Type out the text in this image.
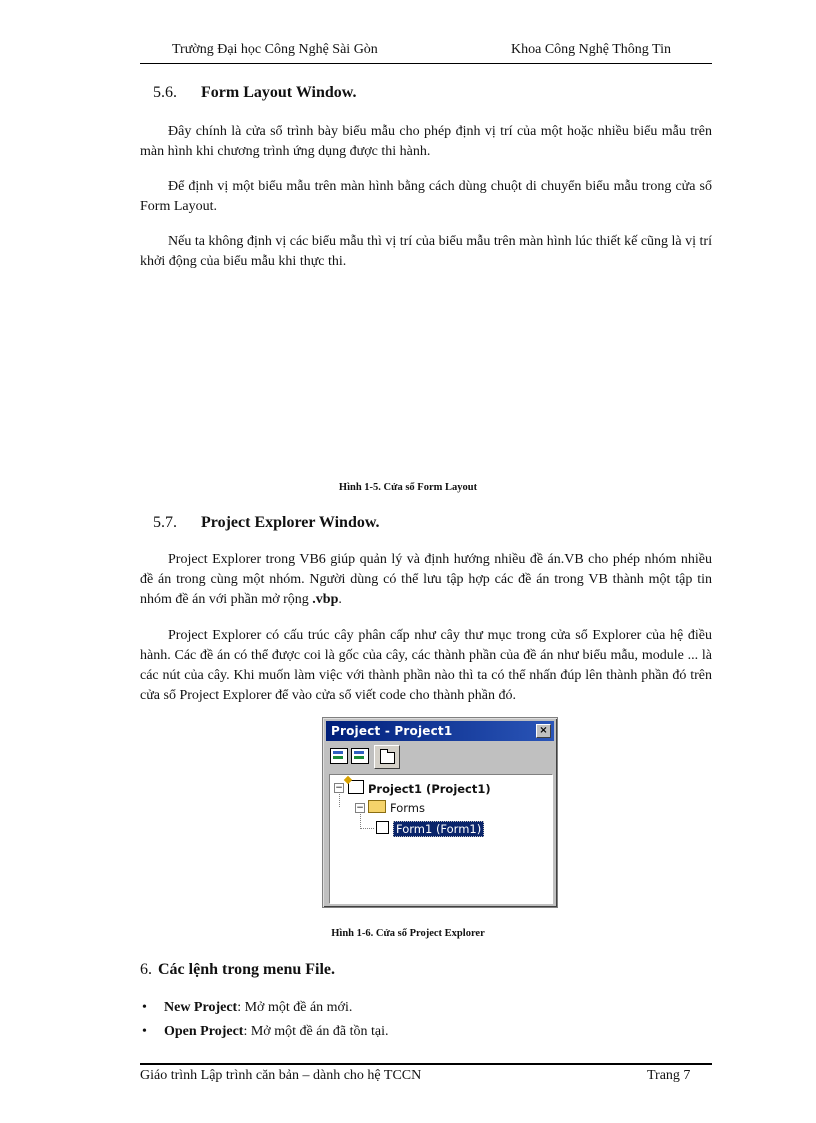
Trường Đại học Công Nghệ Sài Gòn	Khoa Công Nghệ Thông Tin
5.6. Form Layout Window.

Đây chính là cửa sổ trình bày biểu mẫu cho phép định vị trí của một hoặc nhiều biểu mẫu trên màn hình khi chương trình ứng dụng được thi hành.

Để định vị một biểu mẫu trên màn hình bằng cách dùng chuột di chuyển biểu mẫu trong cửa sổ Form Layout.

Nếu ta không định vị các biểu mẫu thì vị trí của biểu mẫu trên màn hình lúc thiết kế cũng là vị trí khởi động của biểu mẫu khi thực thi.

Hình 1-5. Cửa sổ Form Layout
5.7. Project Explorer Window.

Project Explorer trong VB6 giúp quản lý và định hướng nhiều đề án.VB cho phép nhóm nhiều đề án trong cùng một nhóm. Người dùng có thể lưu tập hợp các đề án trong VB thành một tập tin nhóm đề án với phần mở rộng .vbp.

Project Explorer có cấu trúc cây phân cấp như cây thư mục trong cửa sổ Explorer của hệ điều hành. Các đề án có thể được coi là gốc của cây, các thành phần của đề án như biểu mẫu, module ... là các nút của cây. Khi muốn làm việc với thành phần nào thì ta có thể nhấn đúp lên thành phần đó trên cửa sổ Project Explorer để vào cửa sổ viết code cho thành phần đó.

Project - Project1	×
−	Project1 (Project1)
−	Forms
Form1 (Form1)
Hình 1-6. Cửa sổ Project Explorer
6. Các lệnh trong menu File.
• New Project: Mở một đề án mới.
• Open Project: Mở một đề án đã tồn tại.
Giáo trình Lập trình căn bản – dành cho hệ TCCN	Trang 7
